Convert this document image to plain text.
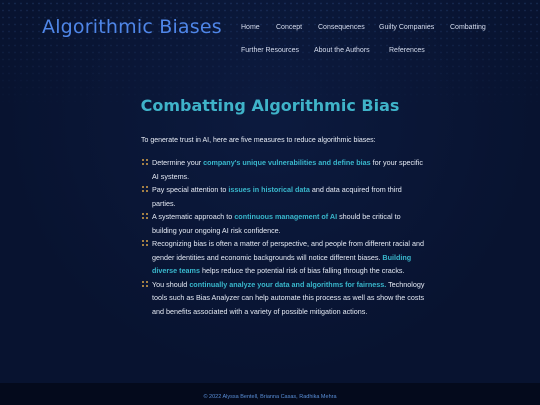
Algorithmic Biases	Home Concept Consequences Guilty Companies Combatting
Further Resources About the Authors	References
Combatting Algorithmic Bias

To generate trust in AI, here are five measures to reduce algorithmic biases:

Determine your company's unique vulnerabilities and define bias for your specific AI systems.
Pay special attention to issues in historical data and data acquired from third parties.
A systematic approach to continuous management of AI should be critical to building your ongoing AI risk confidence.
Recognizing bias is often a matter of perspective, and people from different racial and gender identities and economic backgrounds will notice different biases. Building diverse teams helps reduce the potential risk of bias falling through the cracks.
You should continually analyze your data and algorithms for fairness. Technology tools such as Bias Analyzer can help automate this process as well as show the costs and benefits associated with a variety of possible mitigation actions.
© 2022 Alyssa Bentell, Brianna Casas, Radhika Mehra
